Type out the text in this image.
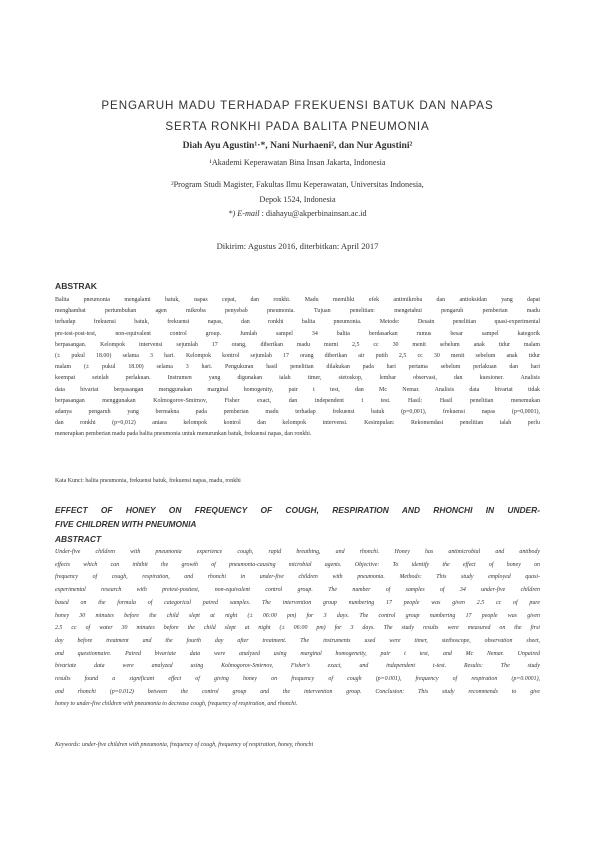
PENGARUH MADU TERHADAP FREKUENSI BATUK DAN NAPAS
SERTA RONKHI PADA BALITA PNEUMONIA
Diah Ayu Agustin¹·*, Nani Nurhaeni², dan Nur Agustini²
¹Akademi Keperawatan Bina Insan Jakarta, Indonesia
²Program Studi Magister, Fakultas Ilmu Keperawatan, Universitas Indonesia,
Depok 1524, Indonesia
*) E-mail : diahayu@akperbinainsan.ac.id
Dikirim: Agustus 2016, diterbitkan: April 2017
ABSTRAK
Balita pneumonia mengalami batuk, napas cepat, dan ronkhi. Madu memiliki efek antimikroba dan antioksidan yang dapat
menghambat pertumbuhan agen mikroba penyebab pneumonia. Tujuan penelitian: mengetahui pengaruh pemberian madu
terhadap frekuensi batuk, frekuensi napas, dan ronkhi balita pneumonia. Metode: Desain penelitian quasi-experimental
pre-test-post-test, non-equivalent control group. Jumlah sampel 34 balita berdasarkan rumus besar sampel kategorik
berpasangan. Kelompok intervensi sejumlah 17 orang, diberikan madu murni 2,5 cc 30 menit sebelum anak tidur malam
(± pukul 18.00) selama 3 hari. Kelompok kontrol sejumlah 17 orang diberikan air putih 2,5 cc 30 menit sebelum anak tidur
malam (± pukul 18.00) selama 3 hari. Pengukuran hasil penelitian dilakukan pada hari pertama sebelum perlakuan dan hari
keempat setelah perlakuan. Instrumen yang digunakan ialah timer, stetoskop, lembar observasi, dan kuesioner. Analisis
data bivariat berpasangan menggunakan marginal homogenity, pair t test, dan Mc Nemar. Analisis data bivariat tidak
berpasangan menggunakan Kolmogorov-Smirnov, Fisher exact, dan independent t test. Hasil: Hasil penelitian menemukan
adanya pengaruh yang bermakna pada pemberian madu terhadap frekuensi batuk (p=0,001), frekuensi napas (p=0,0001),
dan ronkhi (p=0,012) antara kelompok kontrol dan kelompok intervensi. Kesimpulan: Rekomendasi penelitian ialah perlu
menerapkan pemberian madu pada balita pneumonia untuk menurunkan batuk, frekuensi napas, dan ronkhi.
Kata Kunci: balita pneumonia, frekuensi batuk, frekuensi napas, madu, ronkhi
EFFECT OF HONEY ON FREQUENCY OF COUGH, RESPIRATION AND RHONCHI IN UNDER-
FIVE CHILDREN WITH PNEUMONIA
ABSTRACT
Under-five children with pneumonia experience cough, rapid breathing, and rhonchi. Honey has antimicrobial and antibody
effects which can inhibit the growth of pneumonia-causing microbial agents. Objective: To identify the effect of honey on
frequency of cough, respiration, and rhonchi in under-five children with pneumonia. Methods: This study employed quasi-
experimental research with pretest-posttest, non-equivalent control group. The number of samples of 34 under-five children
based on the formula of categorical paired samples. The intervention group numbering 17 people was given 2.5 cc of pure
honey 30 minutes before the child slept at night (± 06:00 pm) for 3 days. The control group numbering 17 people was given
2.5 cc of water 30 minutes before the child slept at night (± 06:00 pm) for 3 days. The study results were measured on the first
day before treatment and the fourth day after treatment. The instruments used were timer, stethoscope, observation sheet,
and questionnaire. Paired bivariate data were analyzed using marginal homogeneity, pair t test, and Mc Nemar. Unpaired
bivariate data were analyzed using Kolmogorov-Smirnov, Fisher's exact, and independent t-test. Results: The study
results found a significant effect of giving honey on frequency of cough (p=0.001), frequency of respiration (p=0.0001),
and rhonchi (p=0.012) between the control group and the intervention group. Conclusion: This study recommends to give
honey to under-five children with pneumonia to decrease cough, frequency of respiration, and rhonchi.
Keywords: under-five children with pneumonia, frequency of cough, frequency of respiration, honey, rhonchi
